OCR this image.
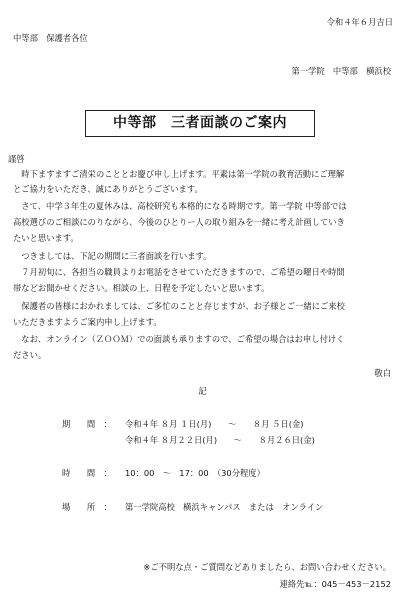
令和４年６月吉日
中等部　保護者各位
第一学院　中等部　横浜校
中等部　三者面談のご案内
謹啓
　時下ますますご清栄のこととお慶び申し上げます。平素は第一学院の教育活動にご理解
とご協力をいただき、誠にありがとうございます。
　さて、中学３年生の夏休みは、高校研究も本格的になる時期です。第一学院 中等部では
高校選びのご相談にのりながら、今後のひとりー人の取り組みを一緒に考え計画していき
たいと思います。
　つきましては、下記の期間に三者面談を行います。
　７月初旬に、各担当の職員よりお電話をさせていただきますので、ご希望の曜日や時間
帯などお聞かせください。相談の上、日程を予定したいと思います。
　保護者の皆様におかれましては、ご多忙のことと存じますが、お子様とご一緒にご来校
いただきますようご案内申し上げます。
　なお、オンライン（ＺＯＯＭ）での面談も承りますので、ご希望の場合はお申し付けく
ださい。
敬白
記
期　　間　： 令和４年 ８月 １日(月)　　〜　　８月 ５日(金)
令和４年 ８月２２日(月)　　〜　　８月２６日(金)
時　　間　： 10：00　〜　17：00　（30分程度）
場　　所　： 第一学院高校　横浜キャンパス　または　オンライン
※ご不明な点・ご質問などありましたら、お問い合わせください。
連絡先℡：045－453－2152
